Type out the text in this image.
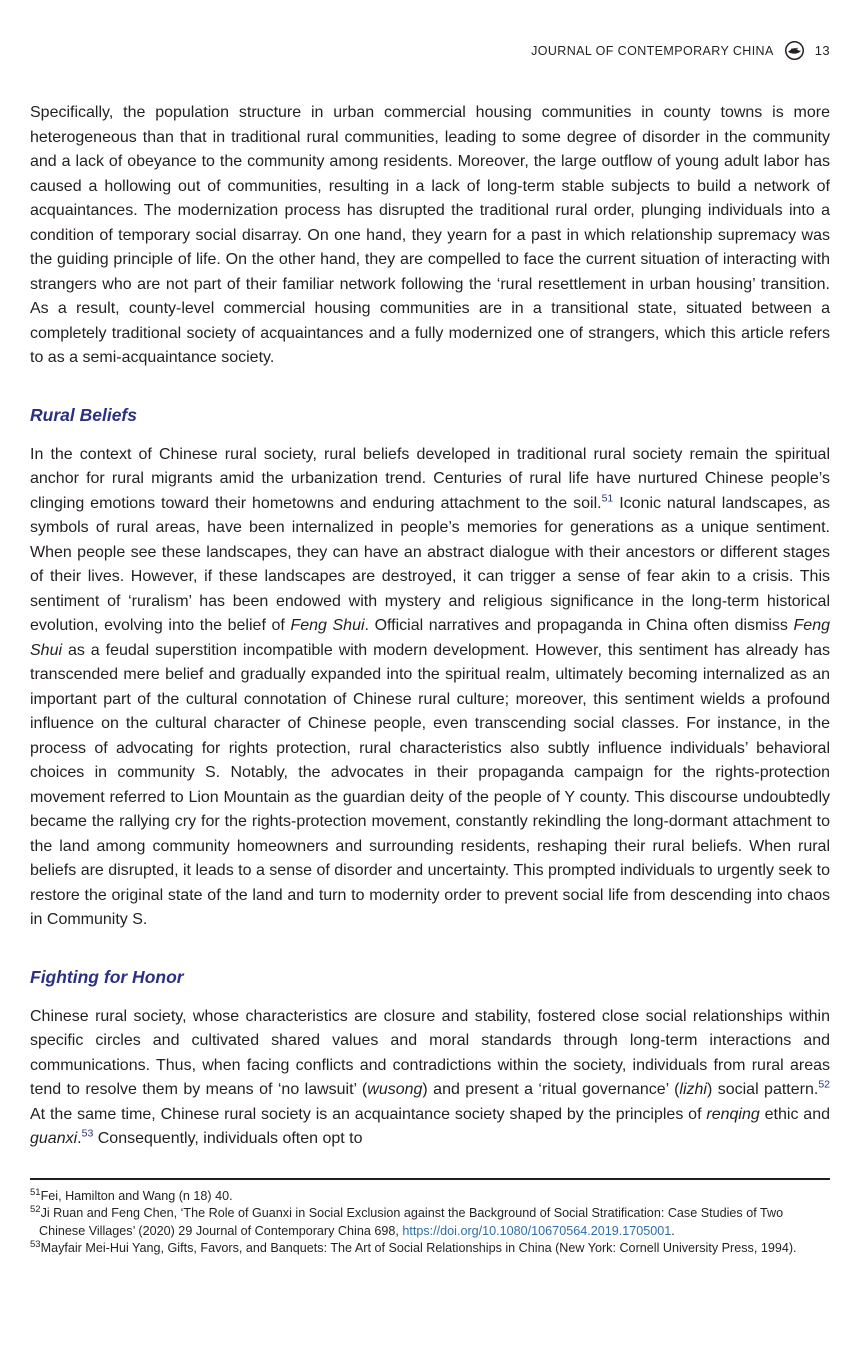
JOURNAL OF CONTEMPORARY CHINA	13

Specifically, the population structure in urban commercial housing communities in county towns is more heterogeneous than that in traditional rural communities, leading to some degree of disorder in the community and a lack of obeyance to the community among residents. Moreover, the large outflow of young adult labor has caused a hollowing out of communities, resulting in a lack of long-term stable subjects to build a network of acquaintances. The modernization process has disrupted the traditional rural order, plunging individuals into a condition of temporary social disarray. On one hand, they yearn for a past in which relationship supremacy was the guiding principle of life. On the other hand, they are compelled to face the current situation of interacting with strangers who are not part of their familiar network following the ‘rural resettlement in urban housing’ transition. As a result, county-level commercial housing communities are in a transitional state, situated between a completely traditional society of acquaintances and a fully modernized one of strangers, which this article refers to as a semi-acquaintance society.

Rural Beliefs

In the context of Chinese rural society, rural beliefs developed in traditional rural society remain the spiritual anchor for rural migrants amid the urbanization trend. Centuries of rural life have nurtured Chinese people’s clinging emotions toward their hometowns and enduring attachment to the soil.$^{51}$ Iconic natural landscapes, as symbols of rural areas, have been internalized in people’s memories for generations as a unique sentiment. When people see these landscapes, they can have an abstract dialogue with their ancestors or different stages of their lives. However, if these landscapes are destroyed, it can trigger a sense of fear akin to a crisis. This sentiment of ‘ruralism’ has been endowed with mystery and religious significance in the long-term historical evolution, evolving into the belief of Feng Shui. Official narratives and propaganda in China often dismiss Feng Shui as a feudal superstition incompatible with modern development. However, this sentiment has already has transcended mere belief and gradually expanded into the spiritual realm, ultimately becoming internalized as an important part of the cultural connotation of Chinese rural culture; moreover, this sentiment wields a profound influence on the cultural character of Chinese people, even transcending social classes. For instance, in the process of advocating for rights protection, rural characteristics also subtly influence individuals’ behavioral choices in community S. Notably, the advocates in their propaganda campaign for the rights-protection movement referred to Lion Mountain as the guardian deity of the people of Y county. This discourse undoubtedly became the rallying cry for the rights-protection movement, constantly rekindling the long-dormant attachment to the land among community homeowners and surrounding residents, reshaping their rural beliefs. When rural beliefs are disrupted, it leads to a sense of disorder and uncertainty. This prompted individuals to urgently seek to restore the original state of the land and turn to modernity order to prevent social life from descending into chaos in Community S.

Fighting for Honor

Chinese rural society, whose characteristics are closure and stability, fostered close social relationships within specific circles and cultivated shared values and moral standards through long-term interactions and communications. Thus, when facing conflicts and contradictions within the society, individuals from rural areas tend to resolve them by means of ‘no lawsuit’ (wusong) and present a ‘ritual governance’ (lizhi) social pattern.$^{52}$ At the same time, Chinese rural society is an acquaintance society shaped by the principles of renqing ethic and guanxi.$^{53}$ Consequently, individuals often opt to

$^{51}$Fei, Hamilton and Wang (n 18) 40.
$^{52}$Ji Ruan and Feng Chen, ‘The Role of Guanxi in Social Exclusion against the Background of Social Stratification: Case Studies of Two Chinese Villages’ (2020) 29 Journal of Contemporary China 698, https://doi.org/10.1080/10670564.2019.1705001.
$^{53}$Mayfair Mei-Hui Yang, Gifts, Favors, and Banquets: The Art of Social Relationships in China (New York: Cornell University Press, 1994).
